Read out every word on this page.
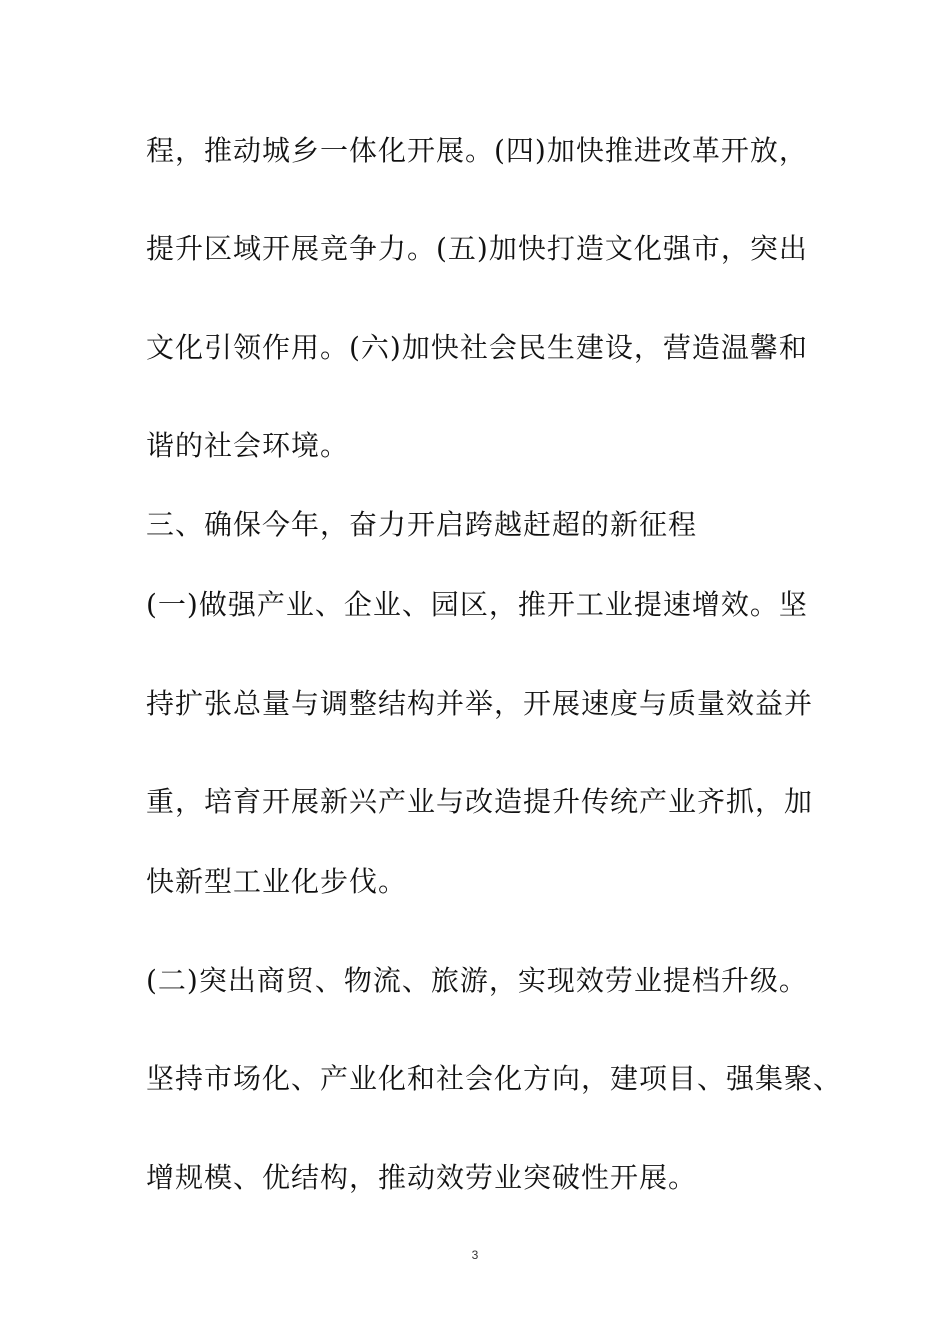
程，推动城乡一体化开展。(四)加快推进改革开放，
提升区域开展竞争力。(五)加快打造文化强市，突出
文化引领作用。(六)加快社会民生建设，营造温馨和
谐的社会环境。
三、确保今年，奋力开启跨越赶超的新征程
(一)做强产业、企业、园区，推开工业提速增效。坚
持扩张总量与调整结构并举，开展速度与质量效益并
重，培育开展新兴产业与改造提升传统产业齐抓，加
快新型工业化步伐。
(二)突出商贸、物流、旅游，实现效劳业提档升级。
坚持市场化、产业化和社会化方向，建项目、强集聚、
增规模、优结构，推动效劳业突破性开展。
3
